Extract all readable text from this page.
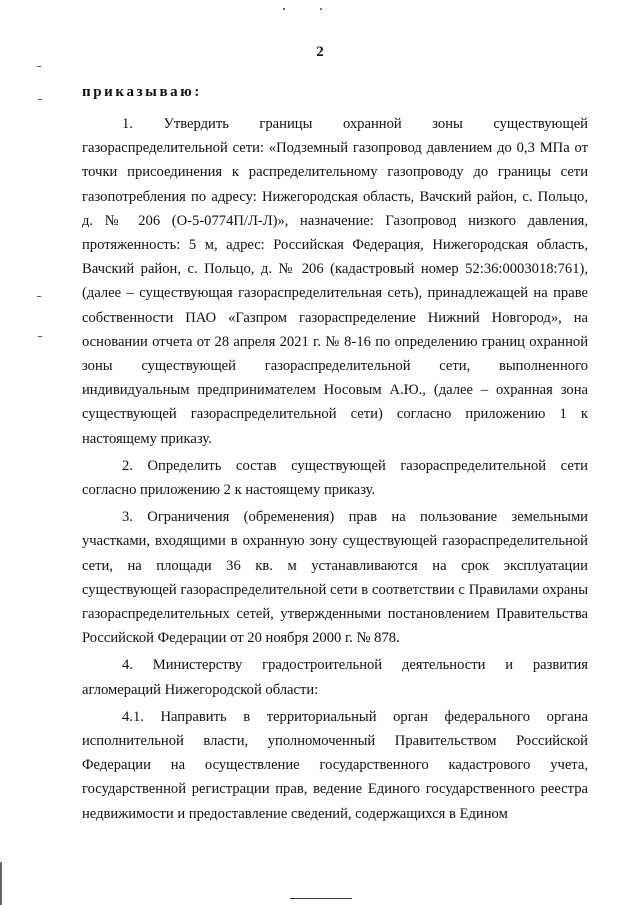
2
приказываю:

1. Утвердить границы охранной зоны существующей газораспределительной сети: «Подземный газопровод давлением до 0,3 МПа от точки присоединения к распределительному газопроводу до границы сети газопотребления по адресу: Нижегородская область, Вачский район, с. Польцо, д. № 206 (О-5-0774П/Л-Л)», назначение: Газопровод низкого давления, протяженность: 5 м, адрес: Российская Федерация, Нижегородская область, Вачский район, с. Польцо, д. № 206 (кадастровый номер 52:36:0003018:761), (далее – существующая газораспределительная сеть), принадлежащей на праве собственности ПАО «Газпром газораспределение Нижний Новгород», на основании отчета от 28 апреля 2021 г. № 8-16 по определению границ охранной зоны существующей газораспределительной сети, выполненного индивидуальным предпринимателем Носовым А.Ю., (далее – охранная зона существующей газораспределительной сети) согласно приложению 1 к настоящему приказу.

2. Определить состав существующей газораспределительной сети согласно приложению 2 к настоящему приказу.

3. Ограничения (обременения) прав на пользование земельными участками, входящими в охранную зону существующей газораспределительной сети, на площади 36 кв. м устанавливаются на срок эксплуатации существующей газораспределительной сети в соответствии с Правилами охраны газораспределительных сетей, утвержденными постановлением Правительства Российской Федерации от 20 ноября 2000 г. № 878.

4. Министерству градостроительной деятельности и развития агломераций Нижегородской области:

4.1. Направить в территориальный орган федерального органа исполнительной власти, уполномоченный Правительством Российской Федерации на осуществление государственного кадастрового учета, государственной регистрации прав, ведение Единого государственного реестра недвижимости и предоставление сведений, содержащихся в Едином
